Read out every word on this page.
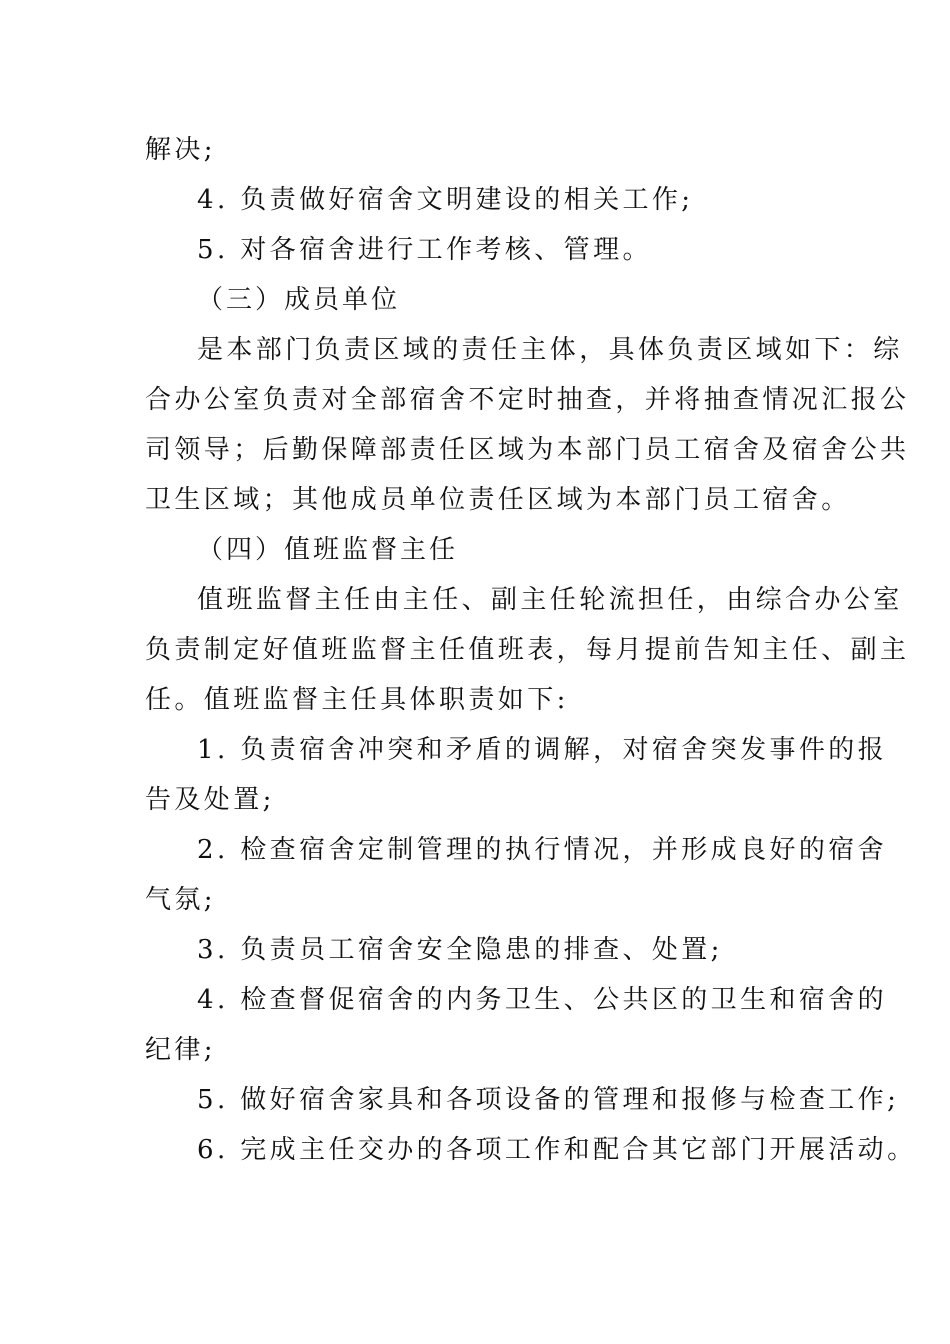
解决;
4. 负责做好宿舍文明建设的相关工作;
5. 对各宿舍进行工作考核、管理。
（三）成员单位
是本部门负责区域的责任主体，具体负责区域如下：综
合办公室负责对全部宿舍不定时抽查，并将抽查情况汇报公
司领导；后勤保障部责任区域为本部门员工宿舍及宿舍公共
卫生区域；其他成员单位责任区域为本部门员工宿舍。
（四）值班监督主任
值班监督主任由主任、副主任轮流担任，由综合办公室
负责制定好值班监督主任值班表，每月提前告知主任、副主
任。值班监督主任具体职责如下:
1. 负责宿舍冲突和矛盾的调解，对宿舍突发事件的报
告及处置;
2. 检查宿舍定制管理的执行情况，并形成良好的宿舍
气氛;
3. 负责员工宿舍安全隐患的排查、处置;
4. 检查督促宿舍的内务卫生、公共区的卫生和宿舍的
纪律;
5. 做好宿舍家具和各项设备的管理和报修与检查工作;
6. 完成主任交办的各项工作和配合其它部门开展活动。
